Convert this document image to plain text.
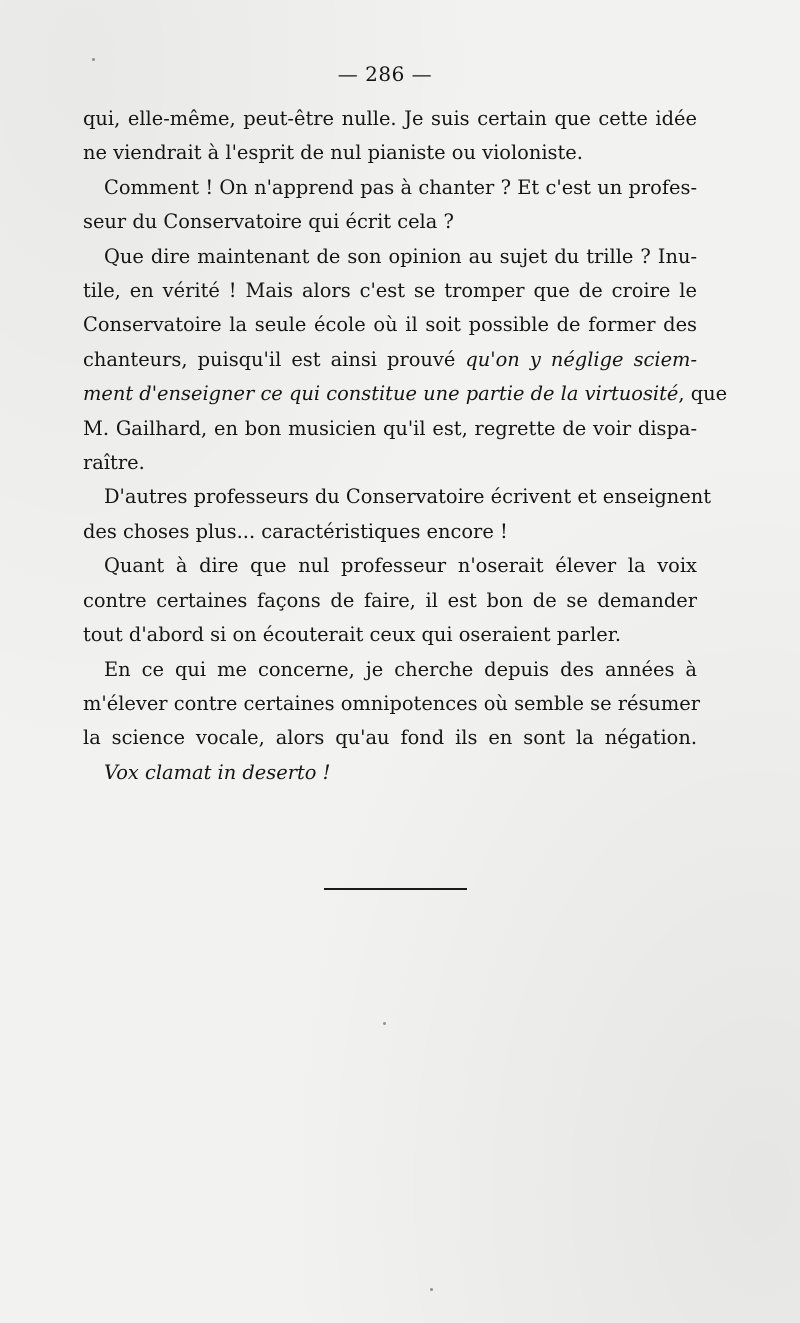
— 286 —
qui, elle-même, peut-être nulle. Je suis certain que cette idée
ne viendrait à l'esprit de nul pianiste ou violoniste.
Comment ! On n'apprend pas à chanter ? Et c'est un profes-
seur du Conservatoire qui écrit cela ?
Que dire maintenant de son opinion au sujet du trille ? Inu-
tile, en vérité ! Mais alors c'est se tromper que de croire le
Conservatoire la seule école où il soit possible de former des
chanteurs, puisqu'il est ainsi prouvé qu'on y néglige sciem-
ment d'enseigner ce qui constitue une partie de la virtuosité, que
M. Gailhard, en bon musicien qu'il est, regrette de voir dispa-
raître.
D'autres professeurs du Conservatoire écrivent et enseignent
des choses plus... caractéristiques encore !
Quant à dire que nul professeur n'oserait élever la voix
contre certaines façons de faire, il est bon de se demander
tout d'abord si on écouterait ceux qui oseraient parler.
En ce qui me concerne, je cherche depuis des années à
m'élever contre certaines omnipotences où semble se résumer
la science vocale, alors qu'au fond ils en sont la négation.
Vox clamat in deserto !
